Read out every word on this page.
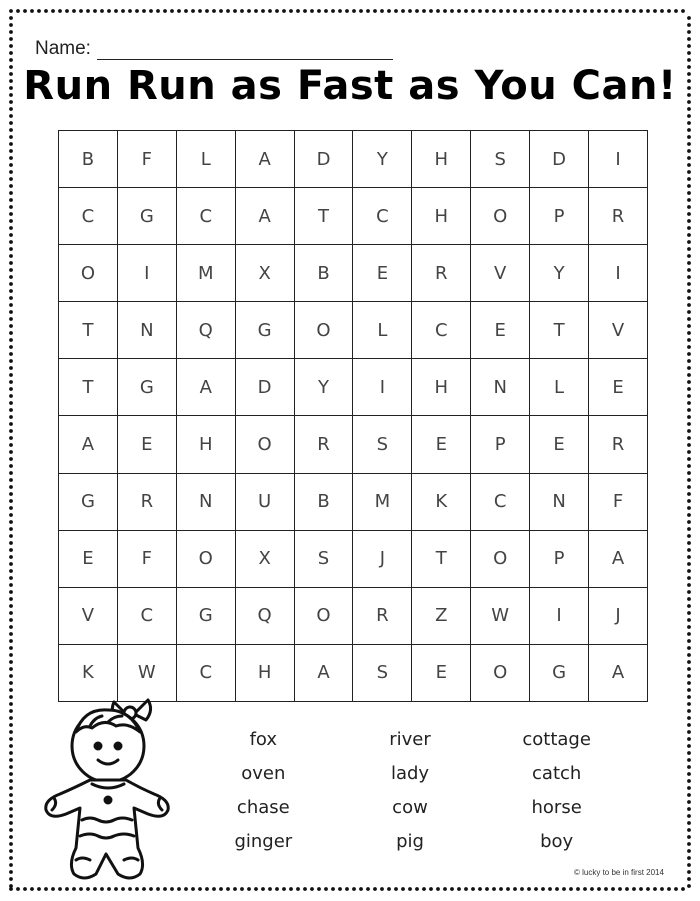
Name:
Run Run as Fast as You Can!
B	F	L	A	D	Y	H	S	D	I
C	G	C	A	T	C	H	O	P	R
O	I	M	X	B	E	R	V	Y	I
T	N	Q	G	O	L	C	E	T	V
T	G	A	D	Y	I	H	N	L	E
A	E	H	O	R	S	E	P	E	R
G	R	N	U	B	M	K	C	N	F
E	F	O	X	S	J	T	O	P	A
V	C	G	Q	O	R	Z	W	I	J
K	W	C	H	A	S	E	O	G	A
fox	river	cottage
oven	lady	catch
chase	cow	horse
ginger	pig	boy
© lucky to be in first 2014
